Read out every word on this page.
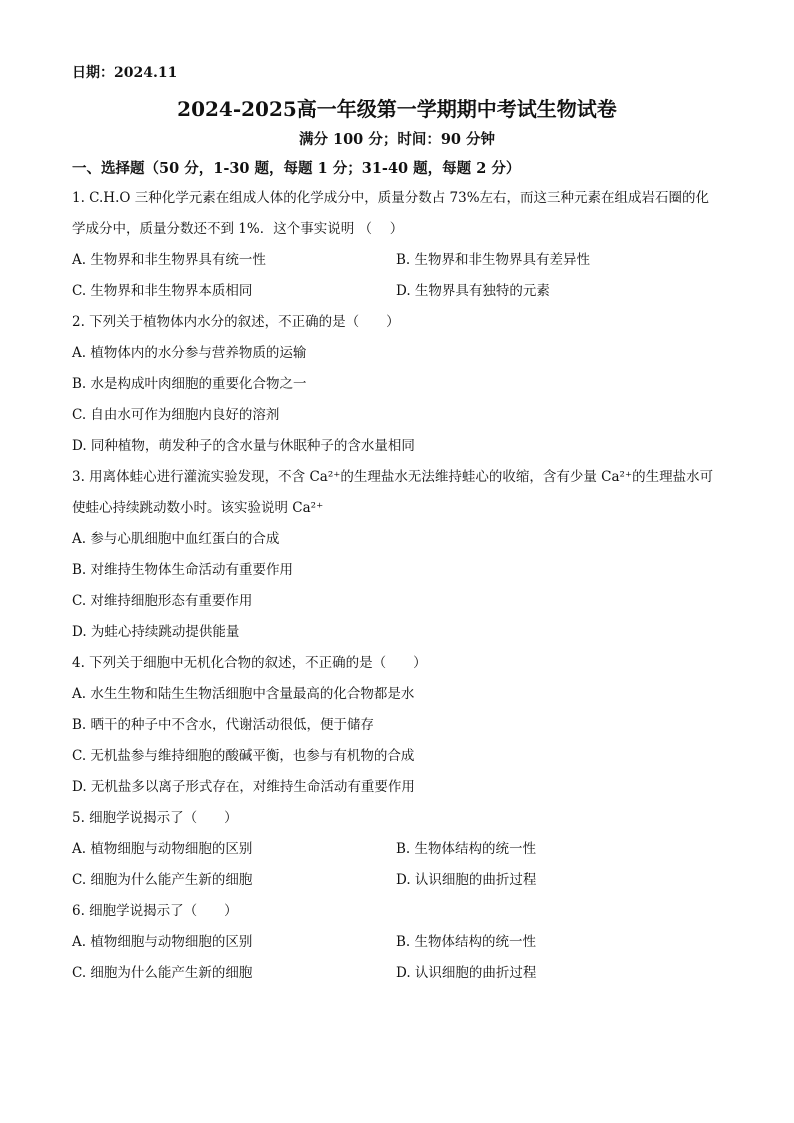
日期：2024.11
2024-2025高一年级第一学期期中考试生物试卷
满分 100 分；时间：90 分钟
一、选择题（50 分，1-30 题，每题 1 分；31-40 题，每题 2 分）
1. C.H.O 三种化学元素在组成人体的化学成分中，质量分数占 73%左右，而这三种元素在组成岩石圈的化学成分中，质量分数还不到 1%．这个事实说明 （　 ）
A. 生物界和非生物界具有统一性	B. 生物界和非生物界具有差异性
C. 生物界和非生物界本质相同	D. 生物界具有独特的元素
2. 下列关于植物体内水分的叙述，不正确的是（　　）
A. 植物体内的水分参与营养物质的运输
B. 水是构成叶肉细胞的重要化合物之一
C. 自由水可作为细胞内良好的溶剂
D. 同种植物，萌发种子的含水量与休眠种子的含水量相同
3. 用离体蛙心进行灌流实验发现，不含 Ca²⁺的生理盐水无法维持蛙心的收缩，含有少量 Ca²⁺的生理盐水可使蛙心持续跳动数小时。该实验说明 Ca²⁺
A. 参与心肌细胞中血红蛋白的合成
B. 对维持生物体生命活动有重要作用
C. 对维持细胞形态有重要作用
D. 为蛙心持续跳动提供能量
4. 下列关于细胞中无机化合物的叙述，不正确的是（　　）
A. 水生生物和陆生生物活细胞中含量最高的化合物都是水
B. 晒干的种子中不含水，代谢活动很低，便于储存
C. 无机盐参与维持细胞的酸碱平衡，也参与有机物的合成
D. 无机盐多以离子形式存在，对维持生命活动有重要作用
5. 细胞学说揭示了（　　）
A. 植物细胞与动物细胞的区别	B. 生物体结构的统一性
C. 细胞为什么能产生新的细胞	D. 认识细胞的曲折过程
6. 细胞学说揭示了（　　）
A. 植物细胞与动物细胞的区别	B. 生物体结构的统一性
C. 细胞为什么能产生新的细胞	D. 认识细胞的曲折过程
